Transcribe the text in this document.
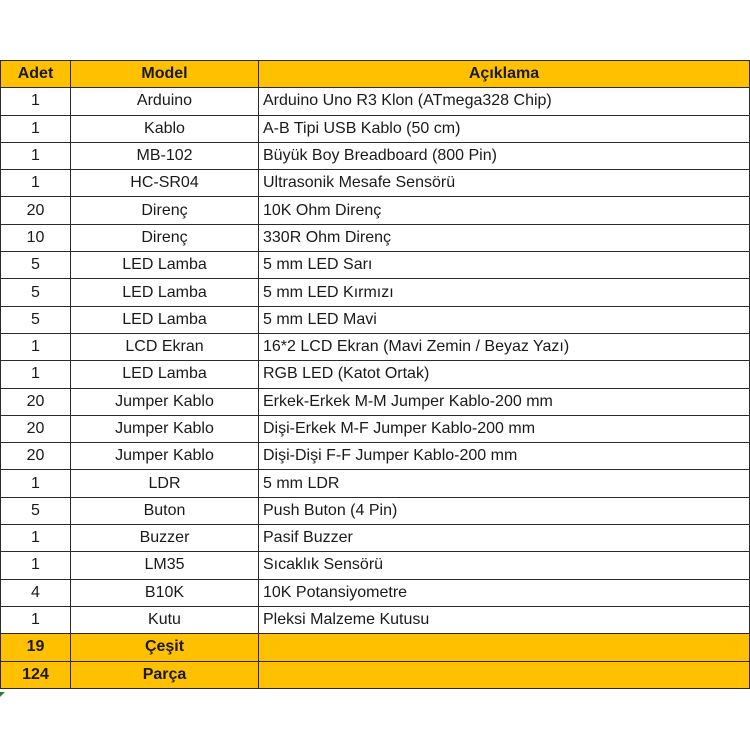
Adet	Model	Açıklama
1	Arduino	Arduino Uno R3 Klon (ATmega328 Chip)
1	Kablo	A-B Tipi USB Kablo (50 cm)
1	MB-102	Büyük Boy Breadboard (800 Pin)
1	HC-SR04	Ultrasonik Mesafe Sensörü
20	Direnç	10K Ohm Direnç
10	Direnç	330R Ohm Direnç
5	LED Lamba	5 mm LED Sarı
5	LED Lamba	5 mm LED Kırmızı
5	LED Lamba	5 mm LED Mavi
1	LCD Ekran	16*2 LCD Ekran (Mavi Zemin / Beyaz Yazı)
1	LED Lamba	RGB LED (Katot Ortak)
20	Jumper Kablo	Erkek-Erkek M-M Jumper Kablo-200 mm
20	Jumper Kablo	Dişi-Erkek M-F Jumper Kablo-200 mm
20	Jumper Kablo	Dişi-Dişi F-F Jumper Kablo-200 mm
1	LDR	5 mm LDR
5	Buton	Push Buton (4 Pin)
1	Buzzer	Pasif Buzzer
1	LM35	Sıcaklık Sensörü
4	B10K	10K Potansiyometre
1	Kutu	Pleksi Malzeme Kutusu
19	Çeşit	
124	Parça	
